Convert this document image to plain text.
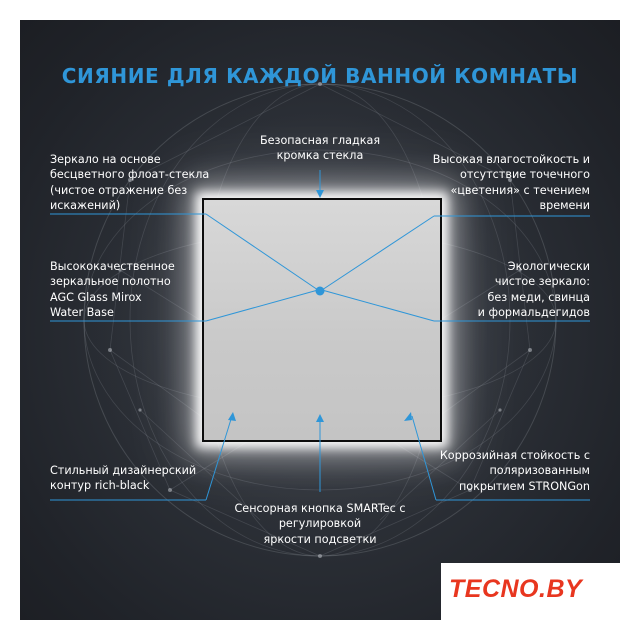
СИЯНИЕ ДЛЯ КАЖДОЙ ВАННОЙ КОМНАТЫ
Безопасная гладкая
кромка стекла
Зеркало на основе
бесцветного флоат-стекла
(чистое отражение без
искажений)
Высококачественное
зеркальное полотно
AGC Glass Mirox
Water Base
Стильный дизайнерский
контур rich-black
Высокая влагостойкость и
отсутствие точечного
«цветения» с течением
времени
Экологически
чистое зеркало:
без меди, свинца
и формальдегидов
Коррозийная стойкость с
поляризованным
покрытием STRONGon
Сенсорная кнопка SMARTec с
регулировкой
яркости подсветки
TECNO.BY
